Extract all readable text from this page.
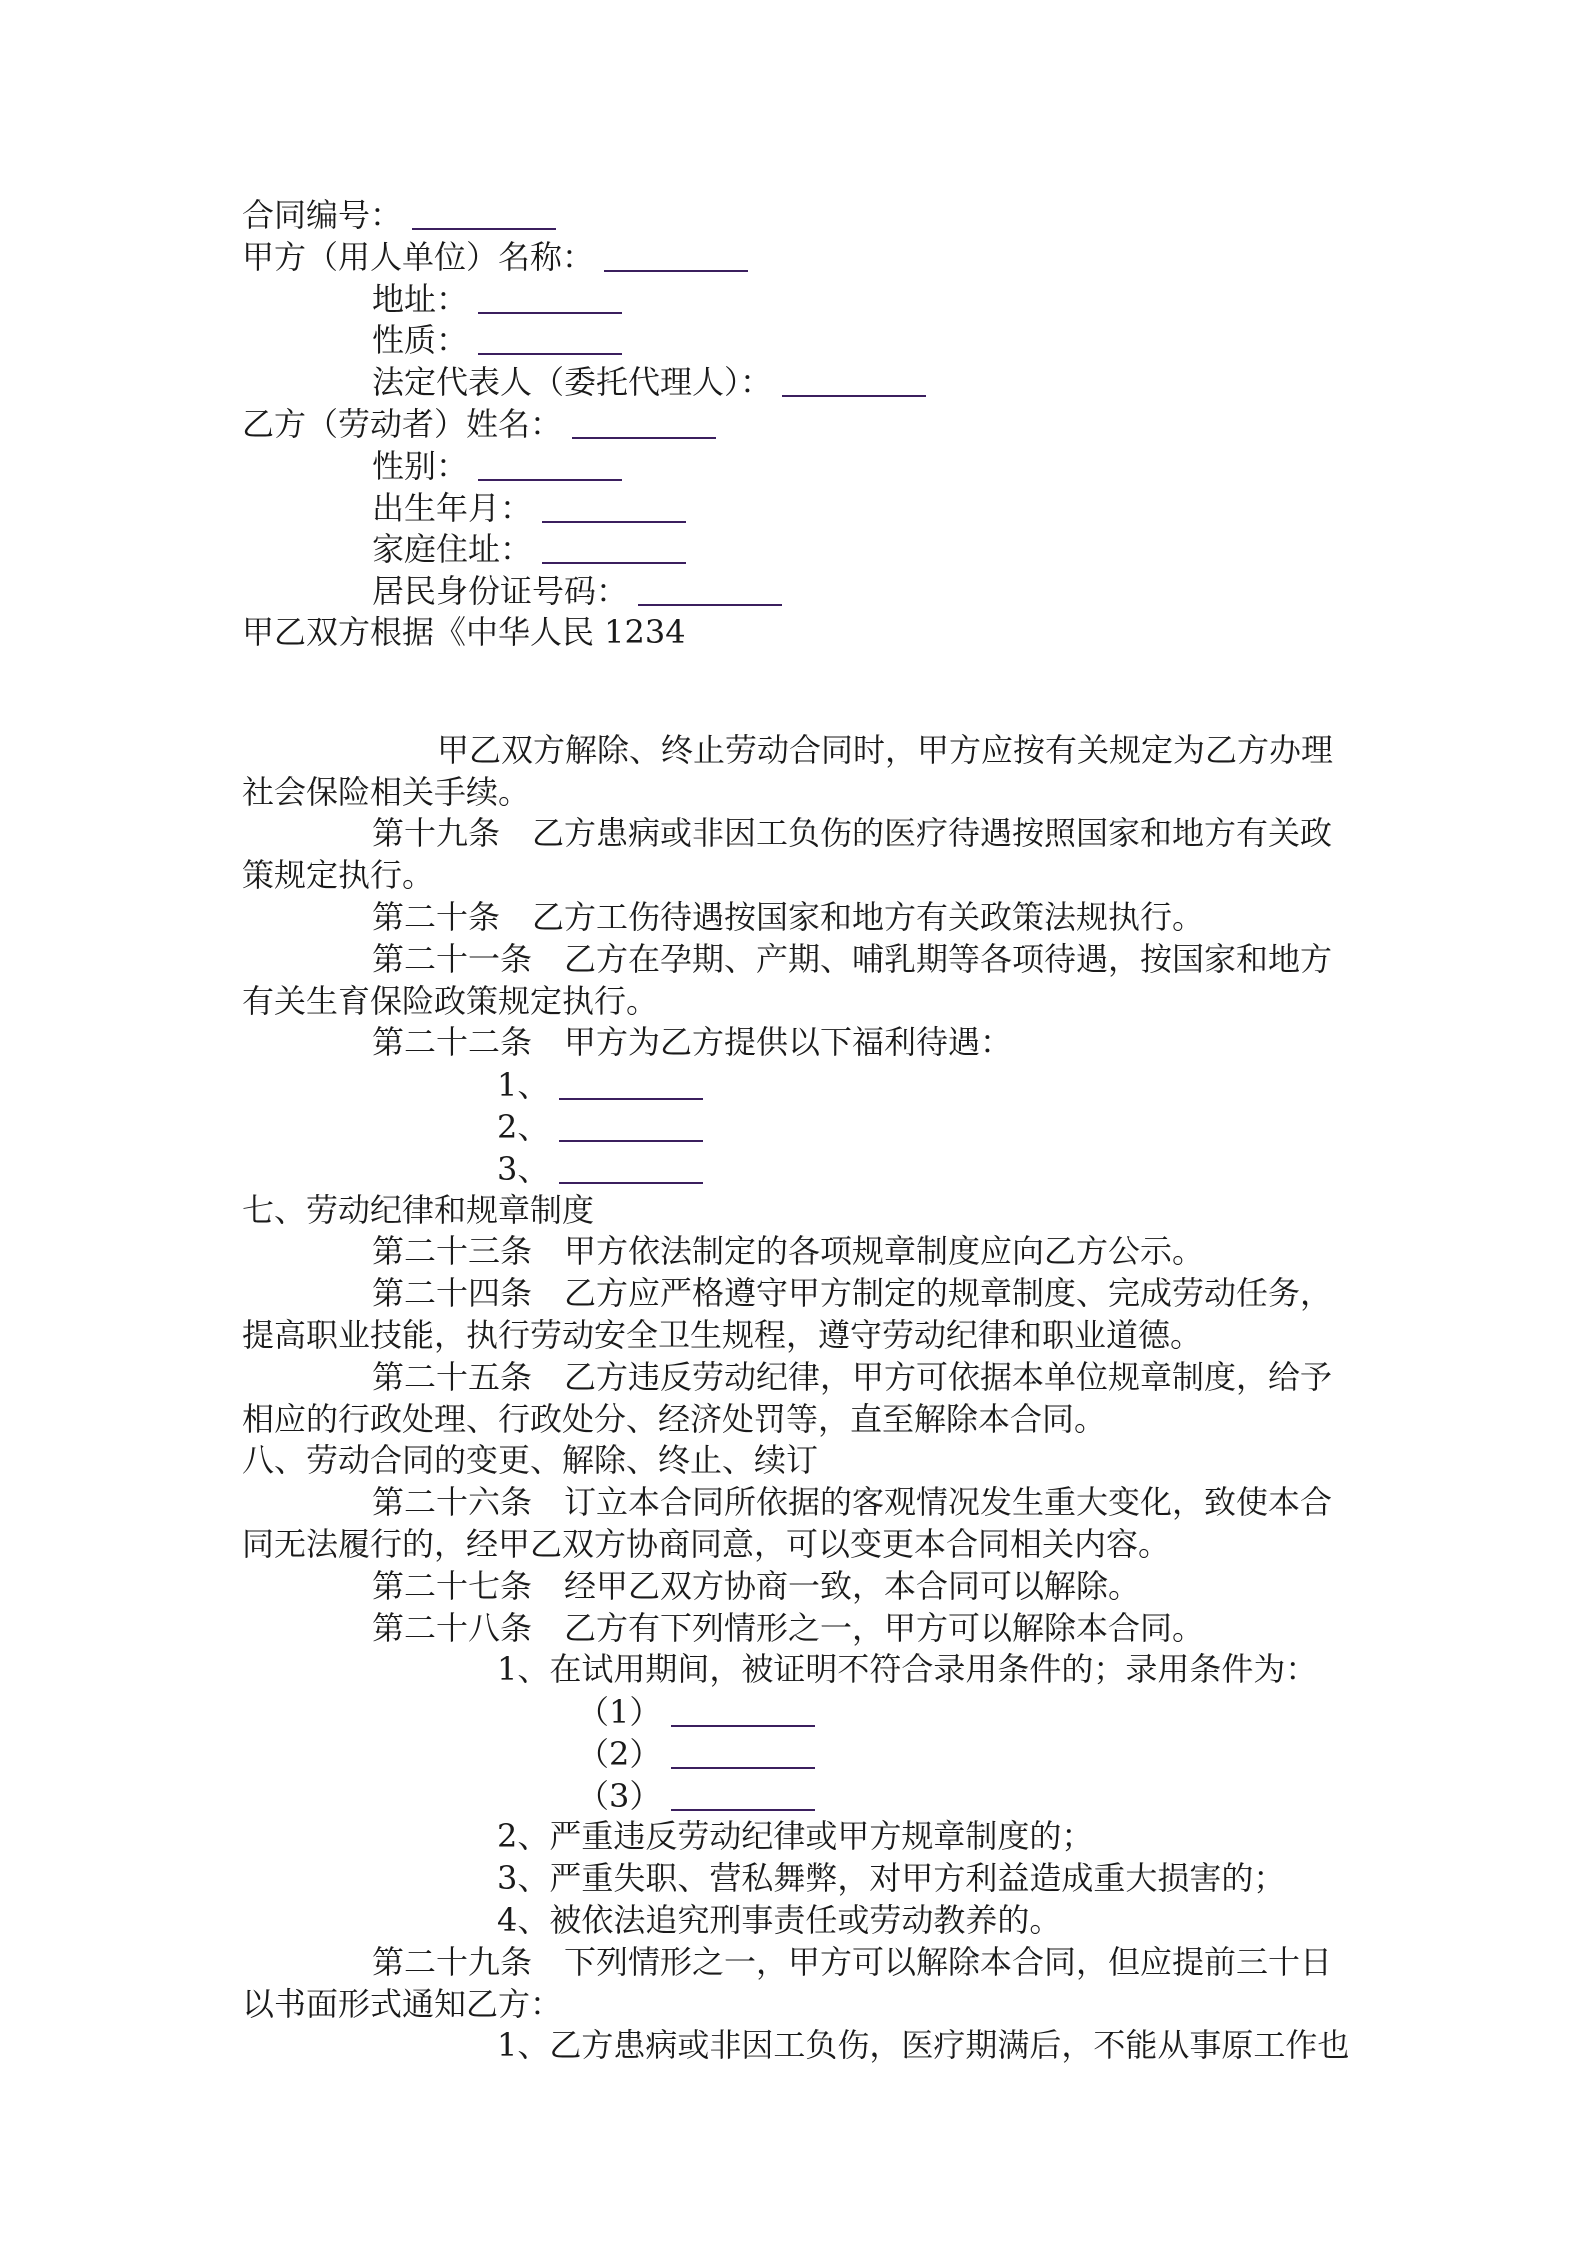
合同编号：
甲方（用人单位）名称：
地址：
性质：
法定代表人（委托代理人）：
乙方（劳动者）姓名：
性别：
出生年月：
家庭住址：
居民身份证号码：
甲乙双方根据《中华人民 1234
甲乙双方解除、终止劳动合同时，甲方应按有关规定为乙方办理
社会保险相关手续。
第十九条　乙方患病或非因工负伤的医疗待遇按照国家和地方有关政
策规定执行。
第二十条　乙方工伤待遇按国家和地方有关政策法规执行。
第二十一条　乙方在孕期、产期、哺乳期等各项待遇，按国家和地方
有关生育保险政策规定执行。
第二十二条　甲方为乙方提供以下福利待遇：
1、
2、
3、
七、劳动纪律和规章制度
第二十三条　甲方依法制定的各项规章制度应向乙方公示。
第二十四条　乙方应严格遵守甲方制定的规章制度、完成劳动任务，
提高职业技能，执行劳动安全卫生规程，遵守劳动纪律和职业道德。
第二十五条　乙方违反劳动纪律，甲方可依据本单位规章制度，给予
相应的行政处理、行政处分、经济处罚等，直至解除本合同。
八、劳动合同的变更、解除、终止、续订
第二十六条　订立本合同所依据的客观情况发生重大变化，致使本合
同无法履行的，经甲乙双方协商同意，可以变更本合同相关内容。
第二十七条　经甲乙双方协商一致，本合同可以解除。
第二十八条　乙方有下列情形之一，甲方可以解除本合同。
1、在试用期间，被证明不符合录用条件的；录用条件为：
（1）
（2）
（3）
2、严重违反劳动纪律或甲方规章制度的；
3、严重失职、营私舞弊，对甲方利益造成重大损害的；
4、被依法追究刑事责任或劳动教养的。
第二十九条　下列情形之一，甲方可以解除本合同，但应提前三十日
以书面形式通知乙方：
1、乙方患病或非因工负伤，医疗期满后，不能从事原工作也
